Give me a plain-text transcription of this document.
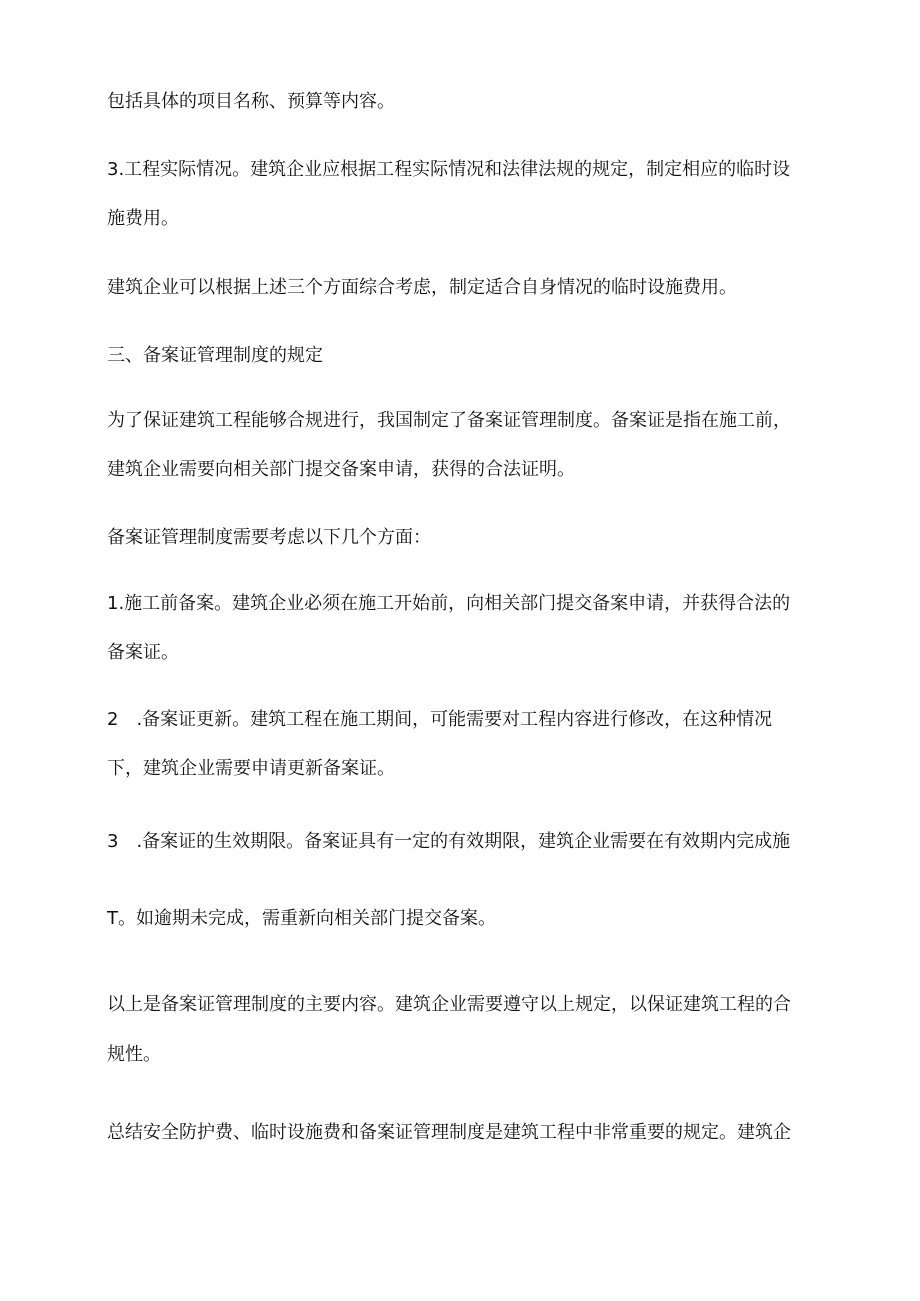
包括具体的项目名称、预算等内容。
3.工程实际情况。建筑企业应根据工程实际情况和法律法规的规定，制定相应的临时设
施费用。
建筑企业可以根据上述三个方面综合考虑，制定适合自身情况的临时设施费用。
三、备案证管理制度的规定
为了保证建筑工程能够合规进行，我国制定了备案证管理制度。备案证是指在施工前，
建筑企业需要向相关部门提交备案申请，获得的合法证明。
备案证管理制度需要考虑以下几个方面：
1.施工前备案。建筑企业必须在施工开始前，向相关部门提交备案申请，并获得合法的
备案证。
2　.备案证更新。建筑工程在施工期间，可能需要对工程内容进行修改，在这种情况
下，建筑企业需要申请更新备案证。
3　.备案证的生效期限。备案证具有一定的有效期限，建筑企业需要在有效期内完成施
T。如逾期未完成，需重新向相关部门提交备案。
以上是备案证管理制度的主要内容。建筑企业需要遵守以上规定，以保证建筑工程的合
规性。
总结安全防护费、临时设施费和备案证管理制度是建筑工程中非常重要的规定。建筑企
